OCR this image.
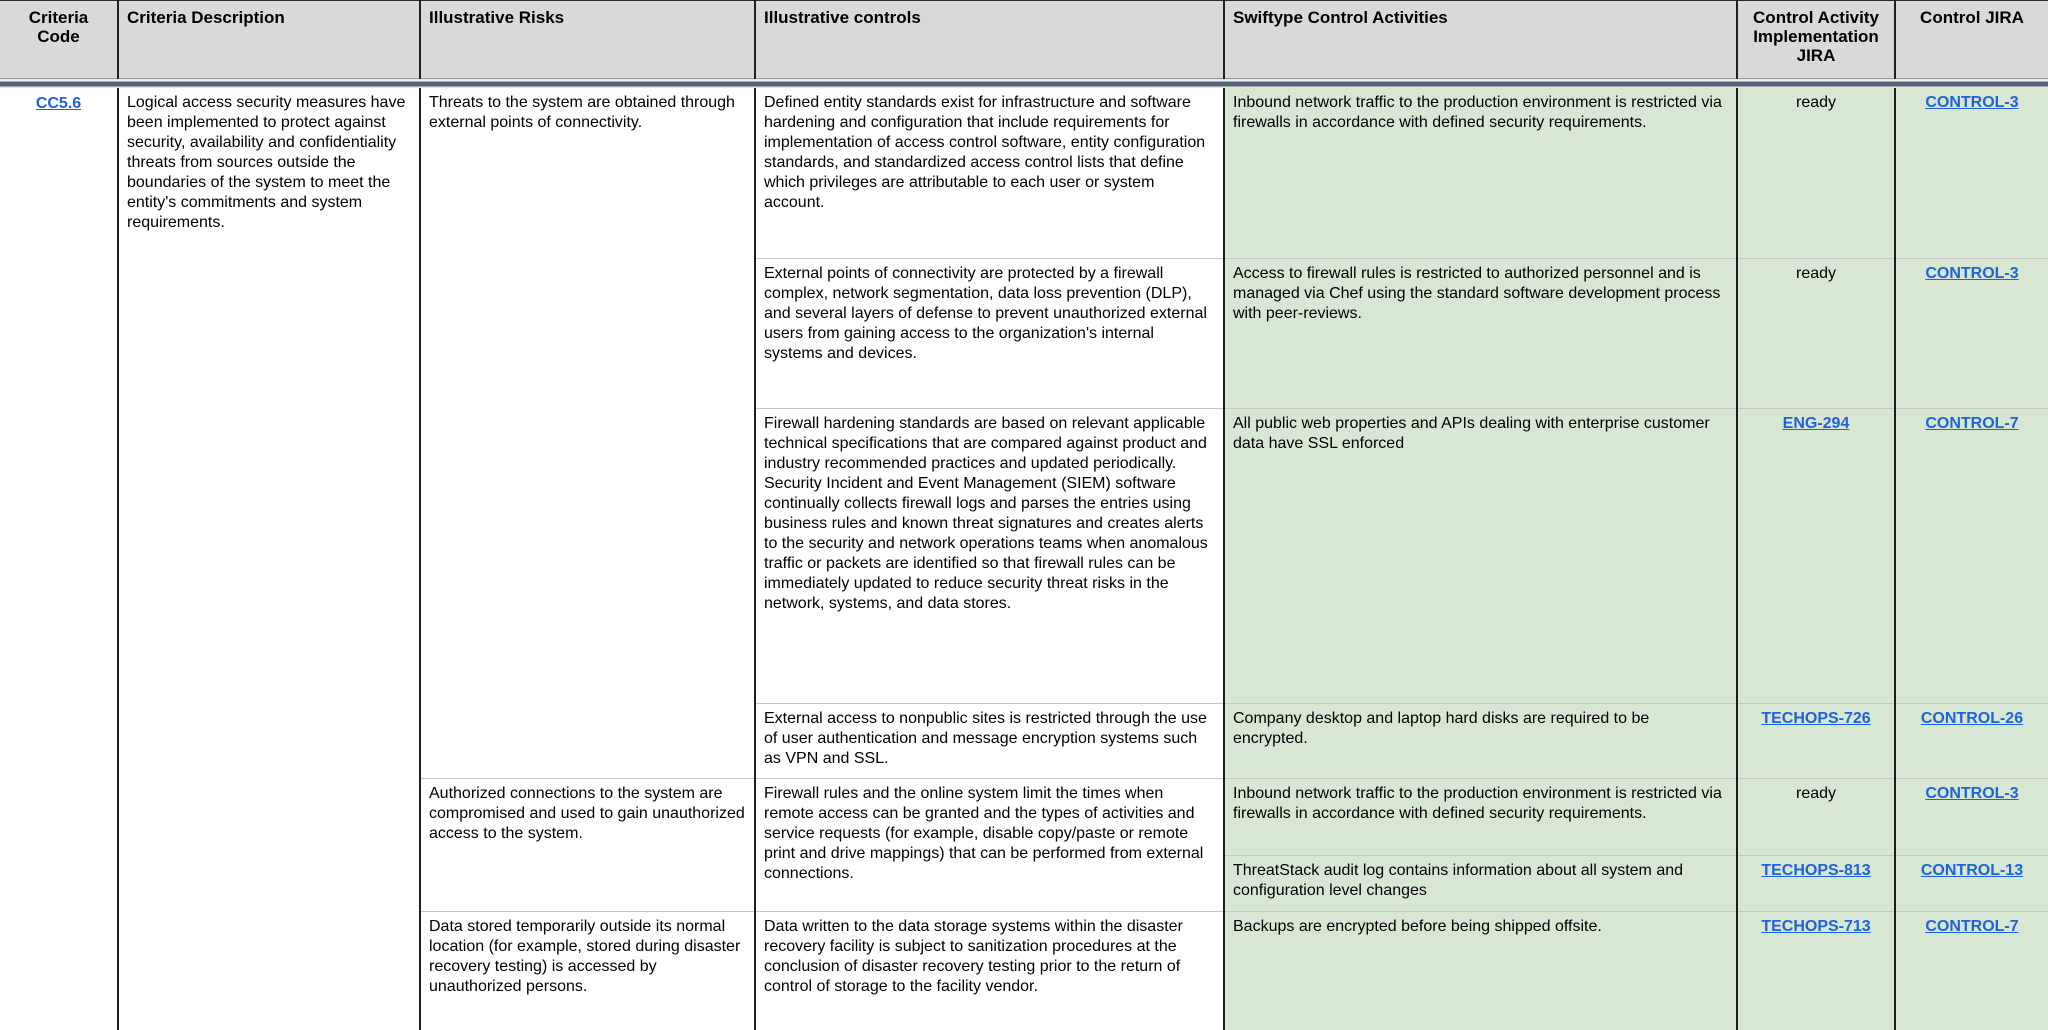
Criteria Code	Criteria Description	Illustrative Risks	Illustrative controls	Swiftype Control Activities	Control Activity Implementation JIRA	Control JIRA

CC5.6	Logical access security measures have been implemented to protect against security, availability and confidentiality threats from sources outside the boundaries of the system to meet the entity's commitments and system requirements.	Threats to the system are obtained through external points of connectivity.	Defined entity standards exist for infrastructure and software hardening and configuration that include requirements for implementation of access control software, entity configuration standards, and standardized access control lists that define which privileges are attributable to each user or system account.	Inbound network traffic to the production environment is restricted via firewalls in accordance with defined security requirements.	ready	CONTROL-3
			External points of connectivity are protected by a firewall complex, network segmentation, data loss prevention (DLP), and several layers of defense to prevent unauthorized external users from gaining access to the organization's internal systems and devices.	Access to firewall rules is restricted to authorized personnel and is managed via Chef using the standard software development process with peer-reviews.	ready	CONTROL-3
			Firewall hardening standards are based on relevant applicable technical specifications that are compared against product and industry recommended practices and updated periodically. Security Incident and Event Management (SIEM) software continually collects firewall logs and parses the entries using business rules and known threat signatures and creates alerts to the security and network operations teams when anomalous traffic or packets are identified so that firewall rules can be immediately updated to reduce security threat risks in the network, systems, and data stores.	All public web properties and APIs dealing with enterprise customer data have SSL enforced	ENG-294	CONTROL-7
			External access to nonpublic sites is restricted through the use of user authentication and message encryption systems such as VPN and SSL.	Company desktop and laptop hard disks are required to be encrypted.	TECHOPS-726	CONTROL-26
		Authorized connections to the system are compromised and used to gain unauthorized access to the system.	Firewall rules and the online system limit the times when remote access can be granted and the types of activities and service requests (for example, disable copy/paste or remote print and drive mappings) that can be performed from external connections.	Inbound network traffic to the production environment is restricted via firewalls in accordance with defined security requirements.	ready	CONTROL-3
				ThreatStack audit log contains information about all system and configuration level changes	TECHOPS-813	CONTROL-13
		Data stored temporarily outside its normal location (for example, stored during disaster recovery testing) is accessed by unauthorized persons.	Data written to the data storage systems within the disaster recovery facility is subject to sanitization procedures at the conclusion of disaster recovery testing prior to the return of control of storage to the facility vendor.	Backups are encrypted before being shipped offsite.	TECHOPS-713	CONTROL-7
